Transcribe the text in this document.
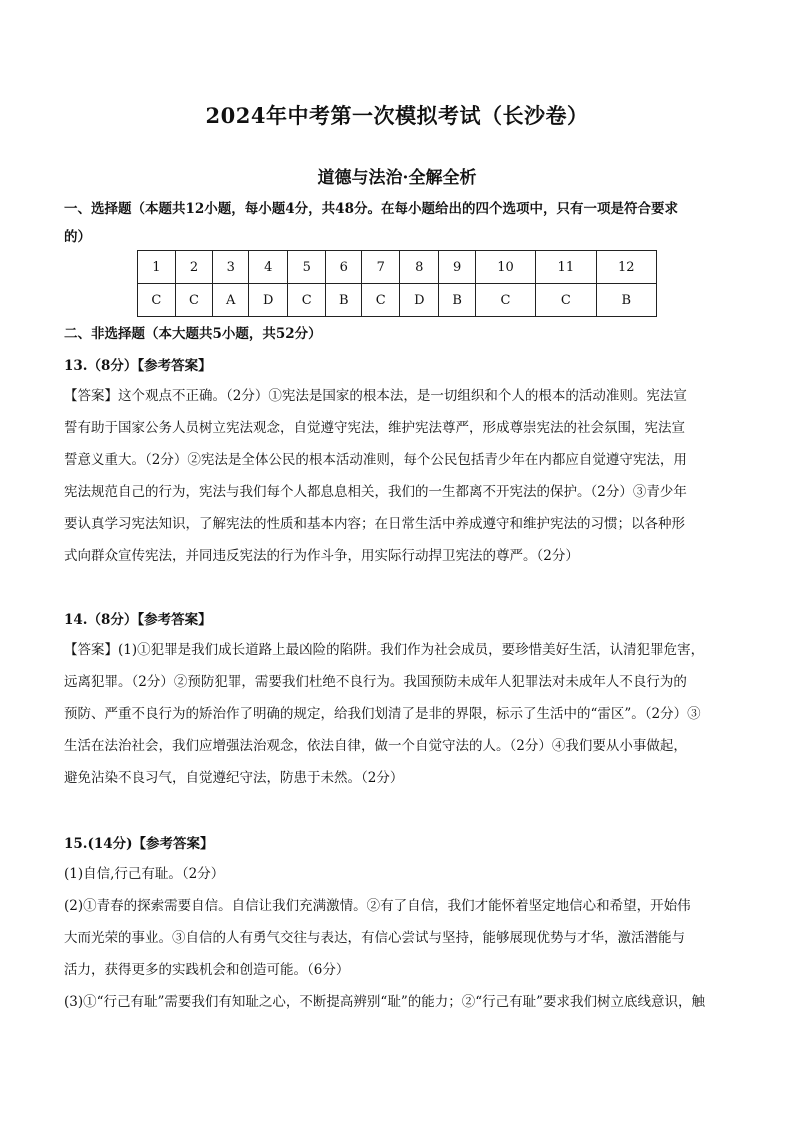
2024年中考第一次模拟考试（长沙卷）
道德与法治·全解全析
一、选择题（本题共12小题，每小题4分，共48分。在每小题给出的四个选项中，只有一项是符合要求
的）
1	2	3	4	5	6	7	8	9	10	11	12
C	C	A	D	C	B	C	D	B	C	C	B
二、非选择题（本大题共5小题，共52分）
13.（8分）【参考答案】
【答案】这个观点不正确。（2分）①宪法是国家的根本法，是一切组织和个人的根本的活动准则。宪法宣
誓有助于国家公务人员树立宪法观念，自觉遵守宪法，维护宪法尊严，形成尊崇宪法的社会氛围，宪法宣
誓意义重大。（2分）②宪法是全体公民的根本活动准则，每个公民包括青少年在内都应自觉遵守宪法，用
宪法规范自己的行为，宪法与我们每个人都息息相关，我们的一生都离不开宪法的保护。（2分）③青少年
要认真学习宪法知识，了解宪法的性质和基本内容；在日常生活中养成遵守和维护宪法的习惯；以各种形
式向群众宣传宪法，并同违反宪法的行为作斗争，用实际行动捍卫宪法的尊严。（2分）
14.（8分）【参考答案】
【答案】(1)①犯罪是我们成长道路上最凶险的陷阱。我们作为社会成员，要珍惜美好生活，认清犯罪危害，
远离犯罪。（2分）②预防犯罪，需要我们杜绝不良行为。我国预防未成年人犯罪法对未成年人不良行为的
预防、严重不良行为的矫治作了明确的规定，给我们划清了是非的界限，标示了生活中的“雷区”。（2分）③
生活在法治社会，我们应增强法治观念，依法自律，做一个自觉守法的人。（2分）④我们要从小事做起，
避免沾染不良习气，自觉遵纪守法，防患于未然。（2分）
15.(14分)【参考答案】
(1)自信,行己有耻。（2分）
(2)①青春的探索需要自信。自信让我们充满激情。②有了自信，我们才能怀着坚定地信心和希望，开始伟
大而光荣的事业。③自信的人有勇气交往与表达，有信心尝试与坚持，能够展现优势与才华，激活潜能与
活力，获得更多的实践机会和创造可能。（6分）
(3)①“行己有耻”需要我们有知耻之心，不断提高辨别“耻”的能力；②“行己有耻”要求我们树立底线意识，触
